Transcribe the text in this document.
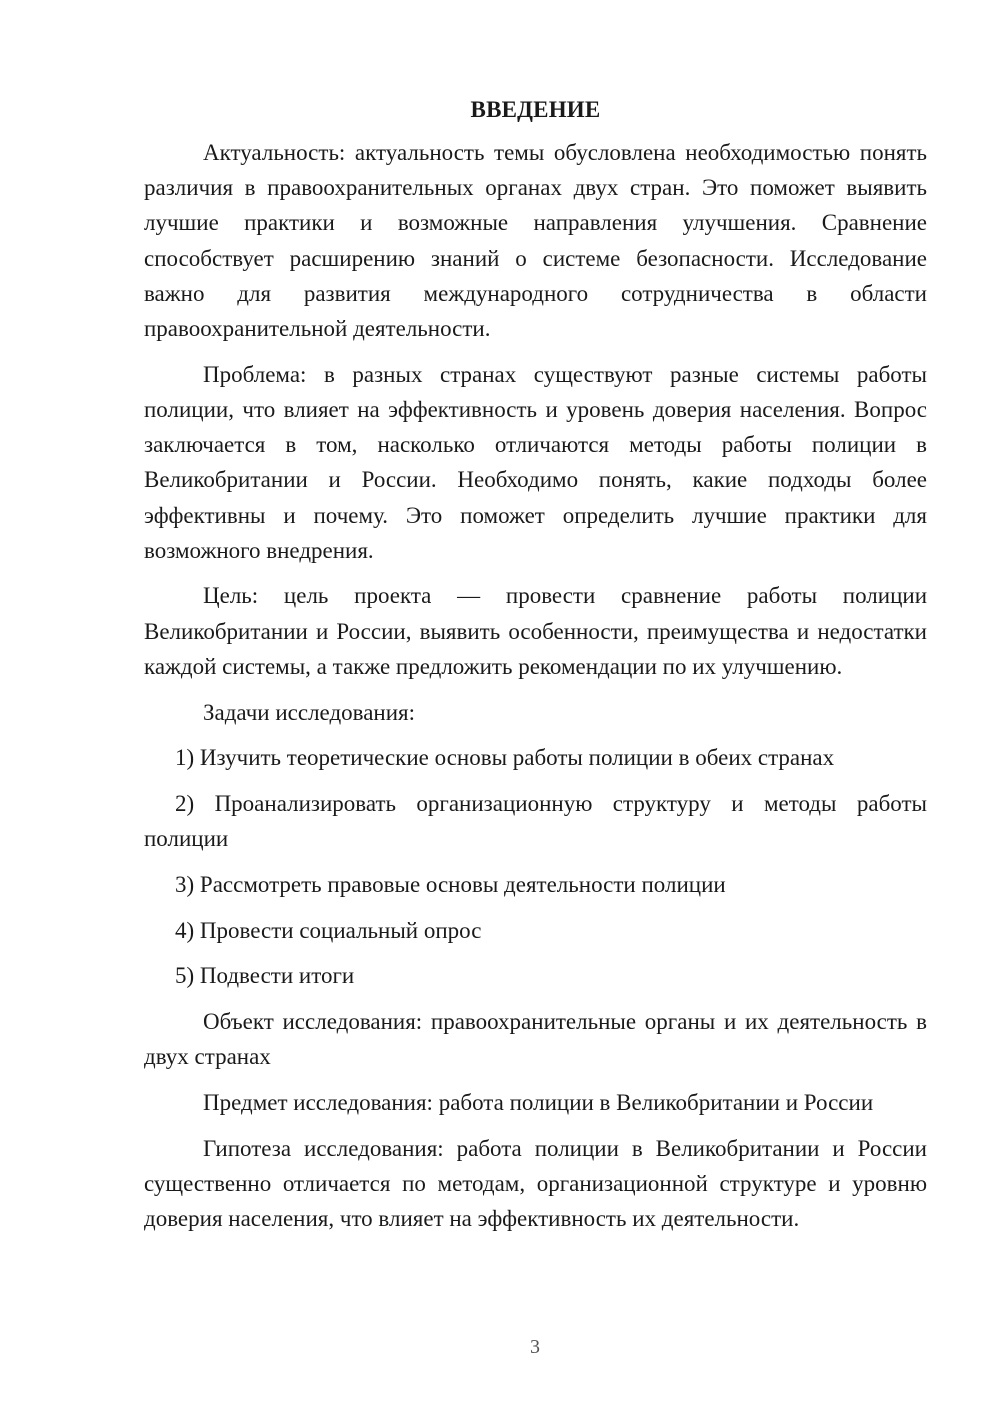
ВВЕДЕНИЕ

Актуальность: актуальность темы обусловлена необходимостью понять различия в правоохранительных органах двух стран. Это поможет выявить лучшие практики и возможные направления улучшения. Сравнение способствует расширению знаний о системе безопасности. Исследование важно для развития международного сотрудничества в области правоохранительной деятельности.

Проблема: в разных странах существуют разные системы работы полиции, что влияет на эффективность и уровень доверия населения. Вопрос заключается в том, насколько отличаются методы работы полиции в Великобритании и России. Необходимо понять, какие подходы более эффективны и почему. Это поможет определить лучшие практики для возможного внедрения.

Цель: цель проекта — провести сравнение работы полиции Великобритании и России, выявить особенности, преимущества и недостатки каждой системы, а также предложить рекомендации по их улучшению.

Задачи исследования:

1) Изучить теоретические основы работы полиции в обеих странах

2) Проанализировать организационную структуру и методы работы полиции

3) Рассмотреть правовые основы деятельности полиции

4) Провести социальный опрос

5) Подвести итоги

Объект исследования: правоохранительные органы и их деятельность в двух странах

Предмет исследования: работа полиции в Великобритании и России

Гипотеза исследования: работа полиции в Великобритании и России существенно отличается по методам, организационной структуре и уровню доверия населения, что влияет на эффективность их деятельности.

3
